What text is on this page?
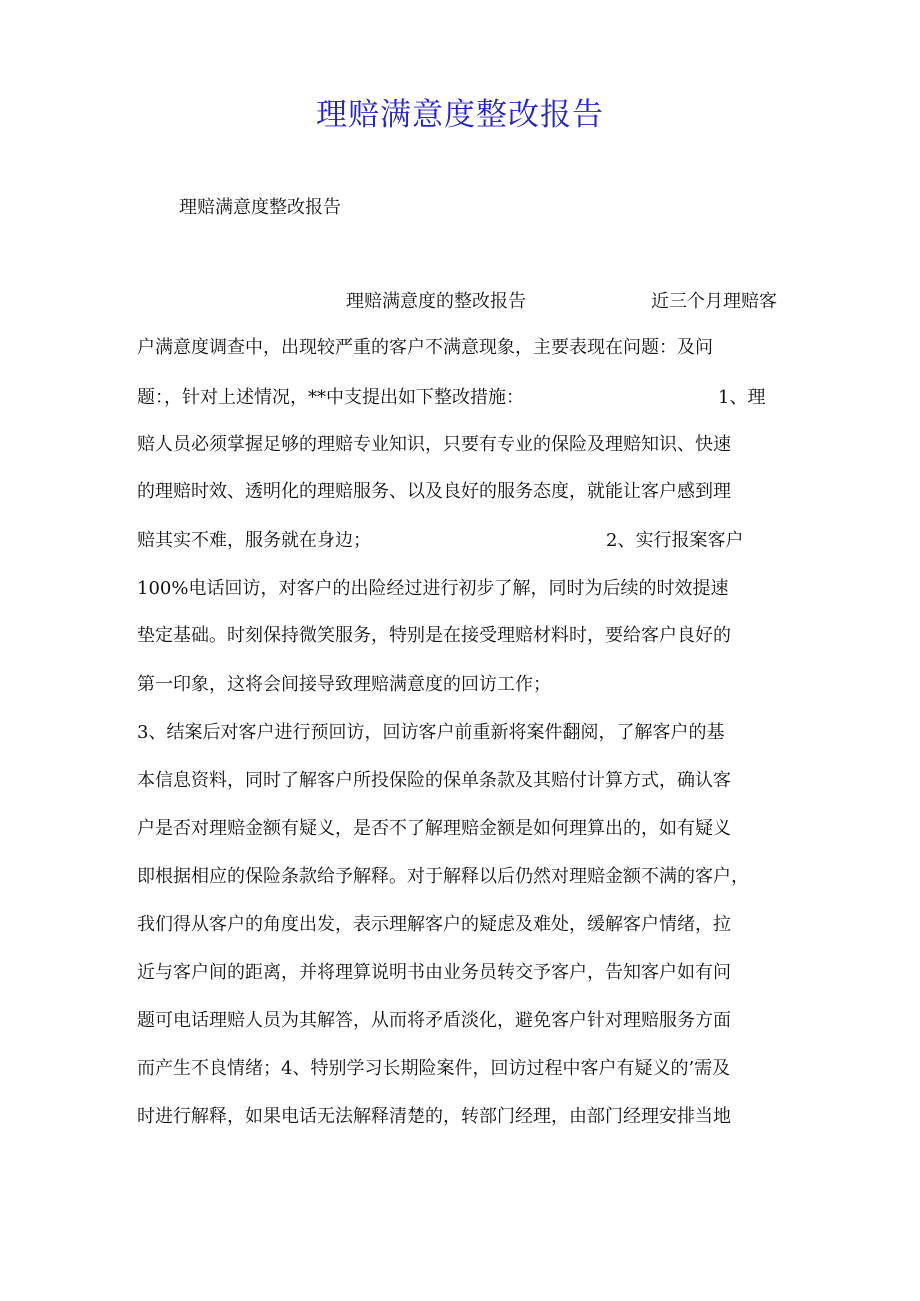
理赔满意度整改报告

理赔满意度整改报告

理赔满意度的整改报告	近三个月理赔客

户满意度调查中，出现较严重的客户不满意现象，主要表现在问题：及问

题：，针对上述情况，**中支提出如下整改措施：	1、理

赔人员必须掌握足够的理赔专业知识，只要有专业的保险及理赔知识、快速

的理赔时效、透明化的理赔服务、以及良好的服务态度，就能让客户感到理

赔其实不难，服务就在身边；	2、实行报案客户

100%电话回访，对客户的出险经过进行初步了解，同时为后续的时效提速

垫定基础。时刻保持微笑服务，特别是在接受理赔材料时，要给客户良好的

第一印象，这将会间接导致理赔满意度的回访工作；

3、结案后对客户进行预回访，回访客户前重新将案件翻阅，了解客户的基

本信息资料，同时了解客户所投保险的保单条款及其赔付计算方式，确认客

户是否对理赔金额有疑义，是否不了解理赔金额是如何理算出的，如有疑义

即根据相应的保险条款给予解释。对于解释以后仍然对理赔金额不满的客户，

我们得从客户的角度出发，表示理解客户的疑虑及难处，缓解客户情绪，拉

近与客户间的距离，并将理算说明书由业务员转交予客户，告知客户如有问

题可电话理赔人员为其解答，从而将矛盾淡化，避免客户针对理赔服务方面

而产生不良情绪；4、特别学习长期险案件，回访过程中客户有疑义的’需及

时进行解释，如果电话无法解释清楚的，转部门经理，由部门经理安排当地
